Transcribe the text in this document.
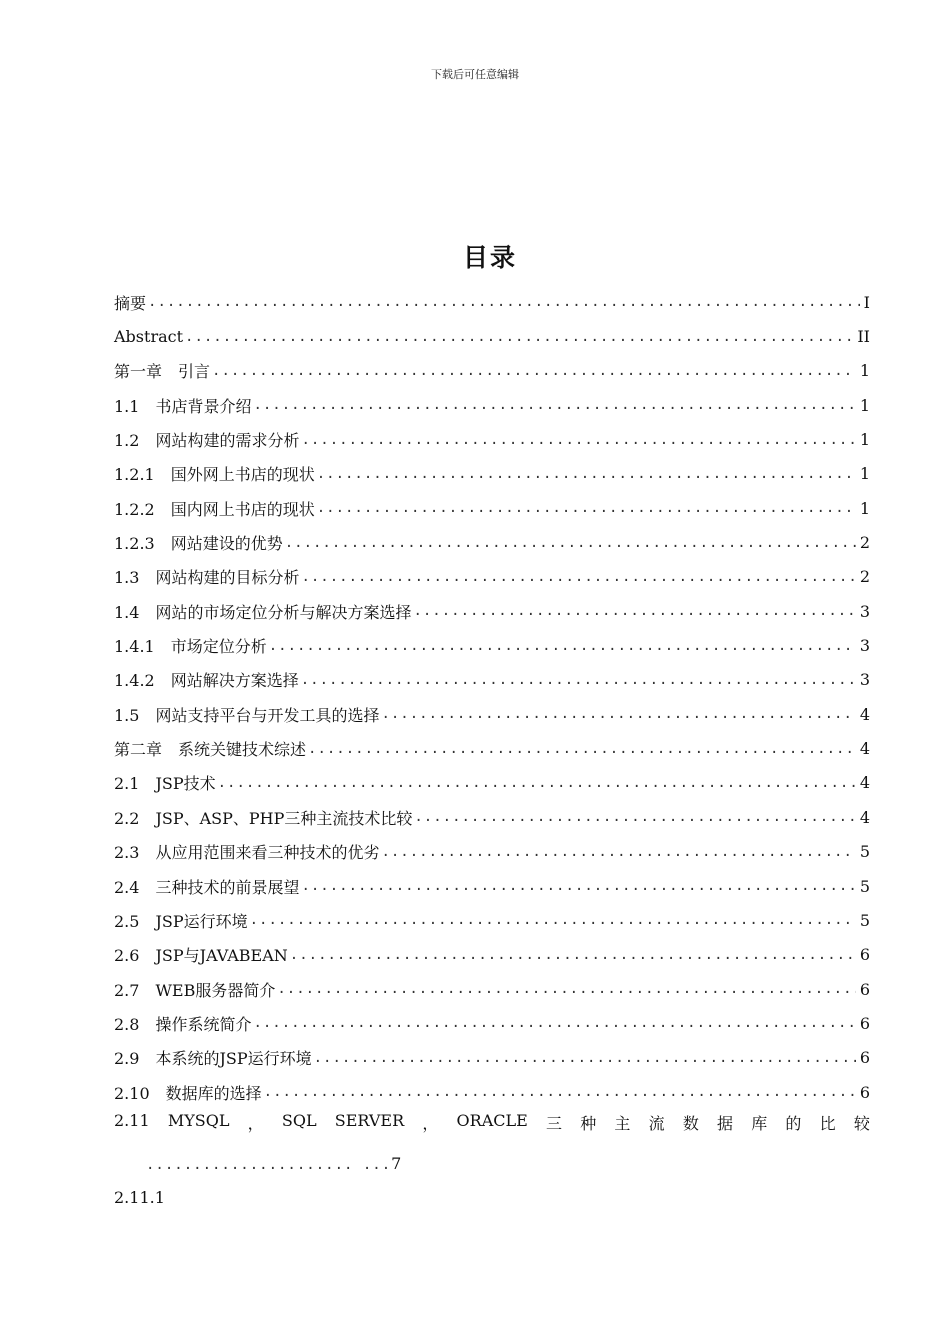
下载后可任意编辑
目录
摘要 .....	I
Abstract .....	II
第一章　引言 .....	1
1.1　书店背景介绍 .....	1
1.2　网站构建的需求分析 .....	1
1.2.1　国外网上书店的现状 .....	1
1.2.2　国内网上书店的现状 .....	1
1.2.3　网站建设的优势 .....	2
1.3　网站构建的目标分析 .....	2
1.4　网站的市场定位分析与解决方案选择 .....	3
1.4.1　市场定位分析 .....	3
1.4.2　网站解决方案选择 .....	3
1.5　网站支持平台与开发工具的选择 .....	4
第二章　系统关键技术综述 .....	4
2.1　JSP技术 .....	4
2.2　JSP、ASP、PHP三种主流技术比较 .....	4
2.3　从应用范围来看三种技术的优劣 .....	5
2.4　三种技术的前景展望 .....	5
2.5　JSP运行环境 .....	5
2.6　JSP与JAVABEAN .....	6
2.7　WEB服务器简介 .....	6
2.8　操作系统简介 .....	6
2.9　本系统的JSP运行环境 .....	6
2.10　数据库的选择 .....	6
2.11 MYSQL ， SQL SERVER ， ORACLE 三 种 主 流 数 据 库 的 比 较
...................... ...7
2.11.1
